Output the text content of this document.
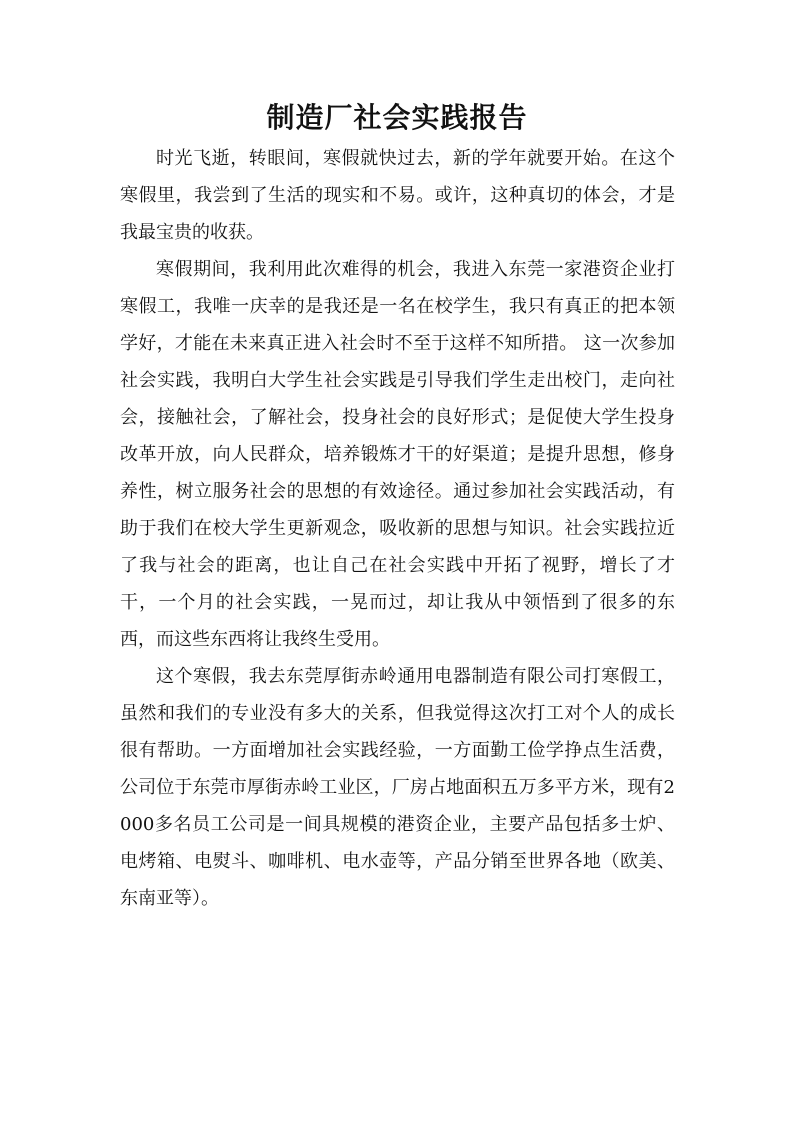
制造厂社会实践报告

时光飞逝，转眼间，寒假就快过去，新的学年就要开始。在这个寒假里，我尝到了生活的现实和不易。或许，这种真切的体会，才是我最宝贵的收获。

寒假期间，我利用此次难得的机会，我进入东莞一家港资企业打寒假工，我唯一庆幸的是我还是一名在校学生，我只有真正的把本领学好，才能在未来真正进入社会时不至于这样不知所措。 这一次参加社会实践，我明白大学生社会实践是引导我们学生走出校门，走向社会，接触社会，了解社会，投身社会的良好形式；是促使大学生投身改革开放，向人民群众，培养锻炼才干的好渠道；是提升思想，修身养性，树立服务社会的思想的有效途径。通过参加社会实践活动，有助于我们在校大学生更新观念，吸收新的思想与知识。社会实践拉近了我与社会的距离，也让自己在社会实践中开拓了视野，增长了才干，一个月的社会实践，一晃而过，却让我从中领悟到了很多的东西，而这些东西将让我终生受用。

这个寒假，我去东莞厚街赤岭通用电器制造有限公司打寒假工，虽然和我们的专业没有多大的关系，但我觉得这次打工对个人的成长很有帮助。一方面增加社会实践经验，一方面勤工俭学挣点生活费，公司位于东莞市厚街赤岭工业区，厂房占地面积五万多平方米，现有2000多名员工公司是一间具规模的港资企业，主要产品包括多士炉、电烤箱、电熨斗、咖啡机、电水壶等，产品分销至世界各地（欧美、东南亚等）。
